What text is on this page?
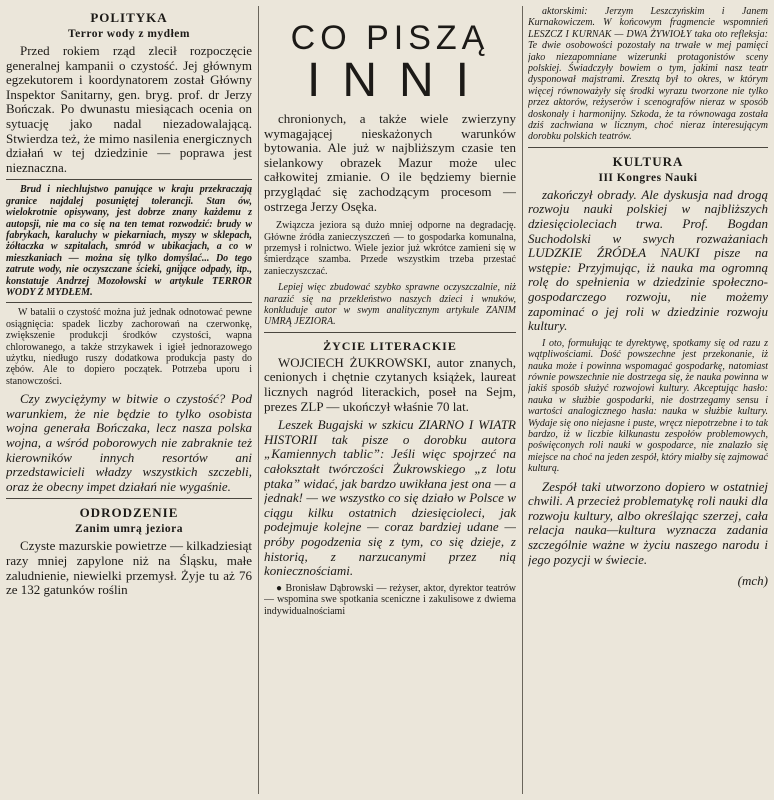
POLITYKA
Terror wody z mydłem

Przed rokiem rząd zlecił rozpoczęcie generalnej kampanii o czystość. Jej głównym egzekutorem i koordynatorem został Główny Inspektor Sanitarny, gen. bryg. prof. dr Jerzy Bończak. Po dwunastu miesiącach ocenia on sytuację jako nadal niezadowalającą. Stwierdza też, że mimo nasilenia energicznych działań w tej dziedzinie — poprawa jest nieznaczna.

Brud i niechlujstwo panujące w kraju przekraczają granice najdalej posuniętej tolerancji. Stan ów, wielokrotnie opisywany, jest dobrze znany każdemu z autopsji, nie ma co się na ten temat rozwodzić: brudy w fabrykach, karaluchy w piekarniach, myszy w sklepach, żółtaczka w szpitalach, smród w ubikacjach, a co w mieszkaniach — można się tylko domyślać... Do tego zatrute wody, nie oczyszczane ścieki, gnijące odpady, itp., konstatuje Andrzej Mozołowski w artykule TERROR WODY Z MYDŁEM.

W batalii o czystość można już jednak odnotować pewne osiągnięcia: spadek liczby zachorowań na czerwonkę, zwiększenie produkcji środków czystości, wapna chlorowanego, a także strzykawek i igieł jednorazowego użytku, niedługo ruszy dodatkowa produkcja pasty do zębów. Ale to dopiero początek. Potrzeba uporu i stanowczości.

Czy zwyciężymy w bitwie o czystość? Pod warunkiem, że nie będzie to tylko osobista wojna generała Bończaka, lecz nasza polska wojna, a wśród poborowych nie zabraknie też kierowników innych resortów ani przedstawicieli władzy wszystkich szczebli, oraz że obecny impet działań nie wygaśnie.

ODRODZENIE
Zanim umrą jeziora

Czyste mazurskie powietrze — kilkadziesiąt razy mniej zapylone niż na Śląsku, małe zaludnienie, niewielki przemysł. Żyje tu aż 76 ze 132 gatunków roślin

CO PISZĄ
INNI

chronionych, a także wiele zwierzyny wymagającej nieskażonych warunków bytowania. Ale już w najbliższym czasie ten sielankowy obrazek Mazur może ulec całkowitej zmianie. O ile będziemy biernie przyglądać się zachodzącym procesom — ostrzega Jerzy Osęka.

Związcza jeziora są dużo mniej odporne na degradację. Główne źródła zanieczyszczeń — to gospodarka komunalna, przemysł i rolnictwo. Wiele jezior już wkrótce zamieni się w śmierdzące szamba. Przede wszystkim trzeba przestać zanieczyszczać.

Lepiej więc zbudować szybko sprawne oczyszczalnie, niż narazić się na przekleństwo naszych dzieci i wnuków, konkluduje autor w swym analitycznym artykule ZANIM UMRĄ JEZIORA.

ŻYCIE LITERACKIE

WOJCIECH ŻUKROWSKI, autor znanych, cenionych i chętnie czytanych książek, laureat licznych nagród literackich, poseł na Sejm, prezes ZLP — ukończył właśnie 70 lat.

Leszek Bugajski w szkicu ZIARNO I WIATR HISTORII tak pisze o dorobku autora „Kamiennych tablic”: Jeśli więc spojrzeć na całokształt twórczości Żukrowskiego „z lotu ptaka” widać, jak bardzo uwikłana jest ona — a jednak! — we wszystko co się działo w Polsce w ciągu kilku ostatnich dziesięcioleci, jak podejmuje kolejne — coraz bardziej udane — próby pogodzenia się z tym, co się dzieje, z historią, z narzucanymi przez nią koniecznościami.

● Bronisław Dąbrowski — reżyser, aktor, dyrektor teatrów — wspomina swe spotkania sceniczne i zakulisowe z dwiema indywidualnościami

aktorskimi: Jerzym Leszczyńskim i Janem Kurnakowiczem. W końcowym fragmencie wspomnień LESZCZ I KURNAK — DWA ŻYWIOŁY taka oto refleksja: Te dwie osobowości pozostały na trwałe w mej pamięci jako niezapomniane wizerunki protagonistów sceny polskiej. Świadczyły bowiem o tym, jakimi nasz teatr dysponował majstrami. Zresztą był to okres, w którym więcej równoważyły się środki wyrazu tworzone nie tylko przez aktorów, reżyserów i scenografów nieraz w sposób doskonały i harmonijny. Szkoda, że ta równowaga została dziś zachwiana w licznym, choć nieraz interesującym dorobku polskich teatrów.

KULTURA
III Kongres Nauki

zakończył obrady. Ale dyskusja nad drogą rozwoju nauki polskiej w najbliższych dziesięcioleciach trwa. Prof. Bogdan Suchodolski w swych rozważaniach LUDZKIE ŹRÓDŁA NAUKI pisze na wstępie: Przyjmując, iż nauka ma ogromną rolę do spełnienia w dziedzinie społeczno-gospodarczego rozwoju, nie możemy zapominać o jej roli w dziedzinie rozwoju kultury.

I oto, formułując te dyrektywę, spotkamy się od razu z wątpliwościami. Dość powszechne jest przekonanie, iż nauka może i powinna wspomagać gospodarkę, natomiast równie powszechnie nie dostrzega się, że nauka powinna w jakiś sposób służyć rozwojowi kultury. Akceptując hasło: nauka w służbie gospodarki, nie dostrzegamy sensu i wartości analogicznego hasła: nauka w służbie kultury. Wydaje się ono niejasne i puste, wręcz niepotrzebne i to tak bardzo, iż w liczbie kilkunastu zespołów problemowych, poświęconych roli nauki w gospodarce, nie znalazło się miejsce na choć na jeden zespół, który miałby się zajmować kulturą.

Zespół taki utworzono dopiero w ostatniej chwili. A przecież problematykę roli nauki dla rozwoju kultury, albo określając szerzej, cała relacja nauka—kultura wyznacza zadania szczególnie ważne w życiu naszego narodu i jego pozycji w świecie.

(mch)
